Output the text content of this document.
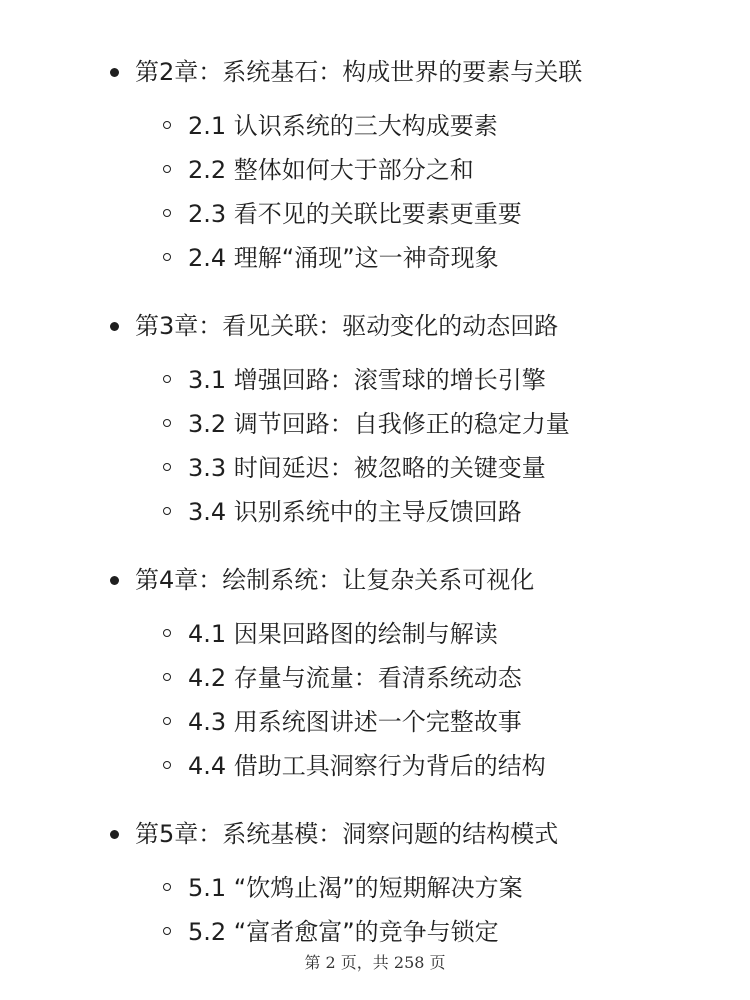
第2章：系统基石：构成世界的要素与关联
2.1 认识系统的三大构成要素
2.2 整体如何大于部分之和
2.3 看不见的关联比要素更重要
2.4 理解“涌现”这一神奇现象
第3章：看见关联：驱动变化的动态回路
3.1 增强回路：滚雪球的增长引擎
3.2 调节回路：自我修正的稳定力量
3.3 时间延迟：被忽略的关键变量
3.4 识别系统中的主导反馈回路
第4章：绘制系统：让复杂关系可视化
4.1 因果回路图的绘制与解读
4.2 存量与流量：看清系统动态
4.3 用系统图讲述一个完整故事
4.4 借助工具洞察行为背后的结构
第5章：系统基模：洞察问题的结构模式
5.1 “饮鸩止渴”的短期解决方案
5.2 “富者愈富”的竞争与锁定
第 2 页，共 258 页
